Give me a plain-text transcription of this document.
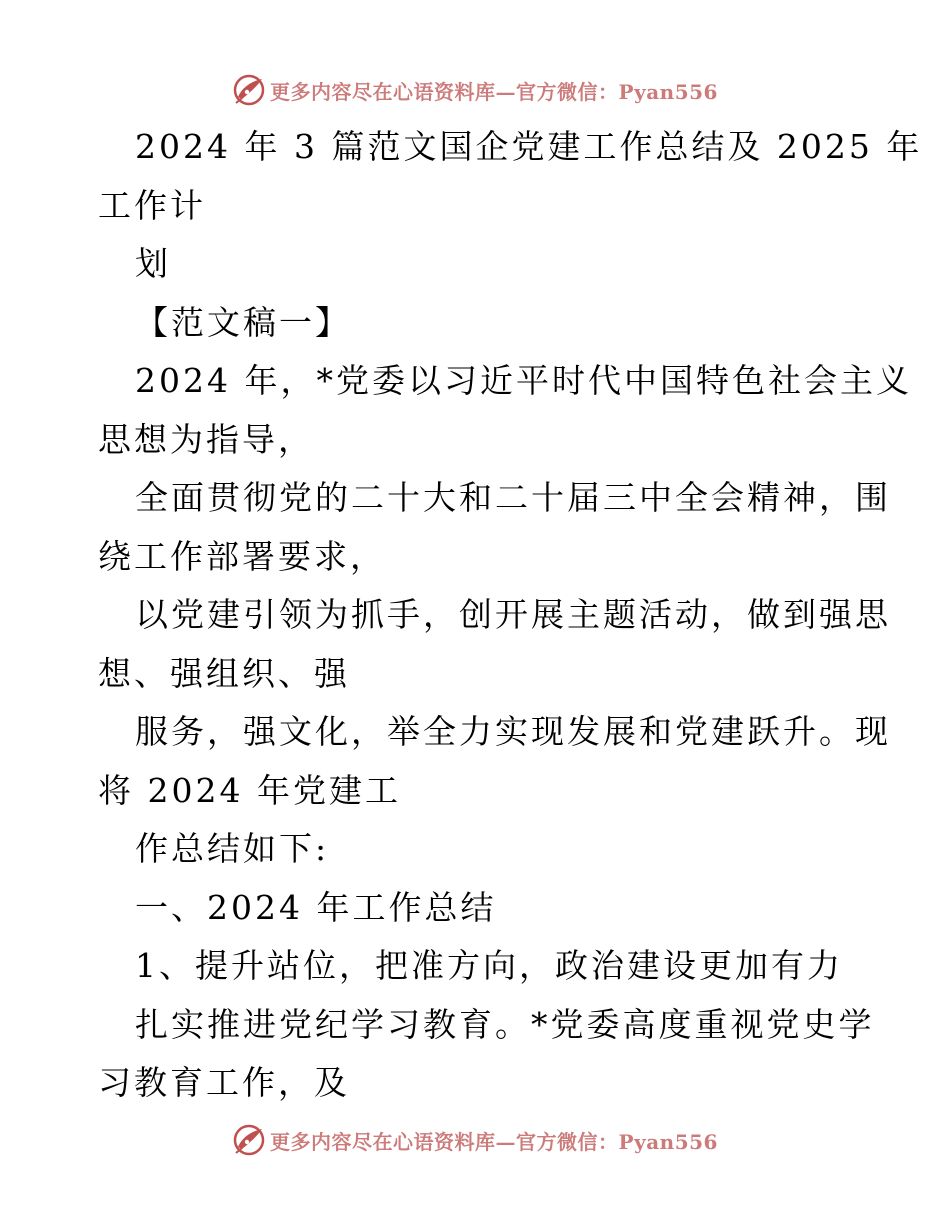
更多内容尽在心语资料库—官方微信：Pyan556
2024 年 3 篇范文国企党建工作总结及 2025 年
工作计
划
【范文稿一】
2024 年，*党委以习近平时代中国特色社会主义
思想为指导，
全面贯彻党的二十大和二十届三中全会精神，围
绕工作部署要求，
以党建引领为抓手，创开展主题活动，做到强思
想、强组织、强
服务，强文化，举全力实现发展和党建跃升。现
将 2024 年党建工
作总结如下:
一、2024 年工作总结
1、提升站位，把准方向，政治建设更加有力
扎实推进党纪学习教育。*党委高度重视党史学
习教育工作，及
更多内容尽在心语资料库—官方微信：Pyan556
